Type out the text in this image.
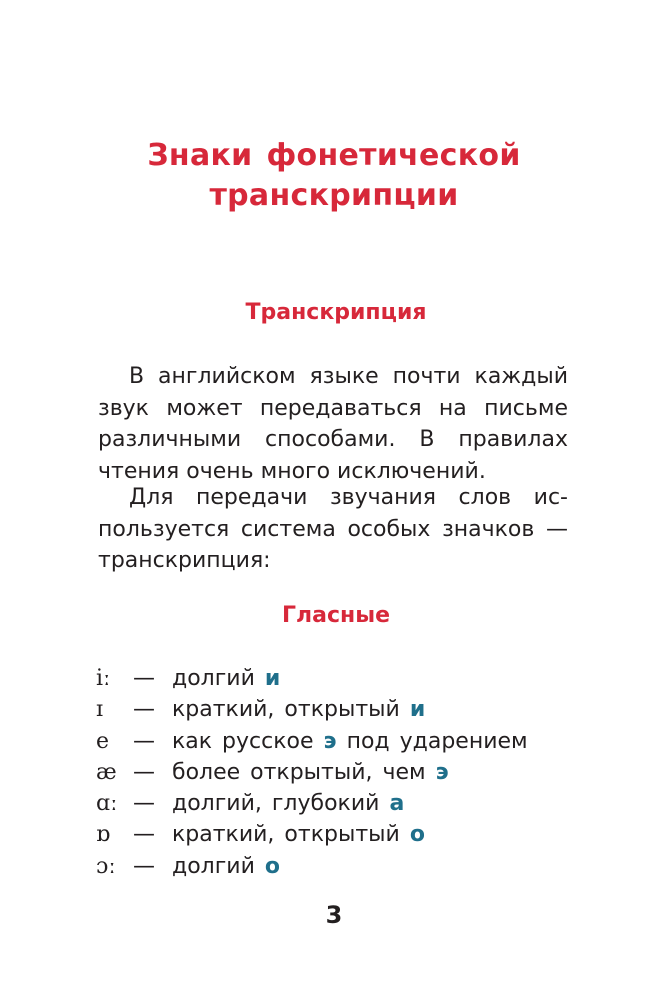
Знаки фонетической
транскрипции
Транскрипция
В английском языке почти каждый
звук может передаваться на письме
различными способами. В правилах
чтения очень много исключений.
Для передачи звучания слов ис-
пользуется система особых значков —
транскрипция:
Гласные
iː — долгий и
ɪ — краткий, открытый и
e — как русское э под ударением
æ — более открытый, чем э
ɑː — долгий, глубокий а
ɒ — краткий, открытый о
ɔː — долгий о
3
